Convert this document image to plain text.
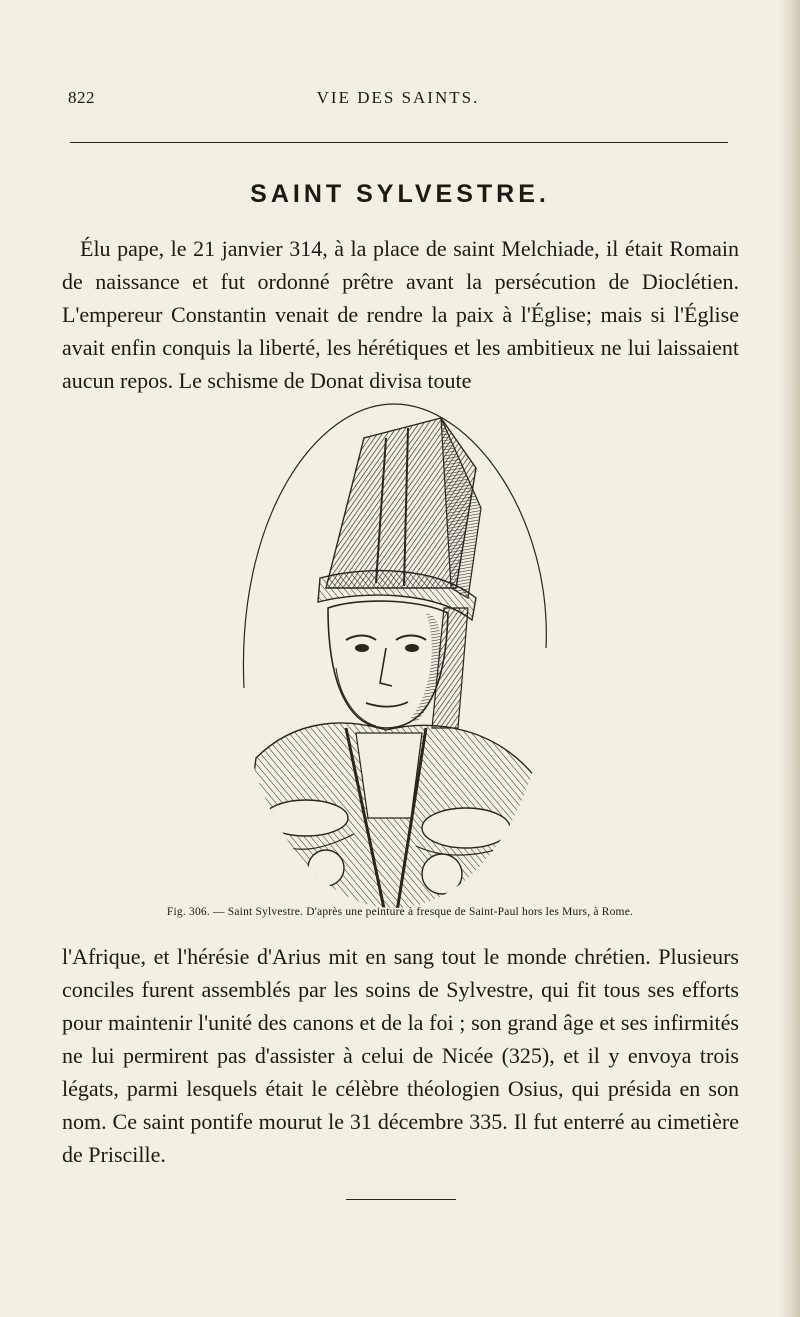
822	VIE DES SAINTS.
SAINT SYLVESTRE.

Élu pape, le 21 janvier 314, à la place de saint Melchiade, il était Romain de naissance et fut ordonné prêtre avant la persécution de Dioclétien. L'empereur Constantin venait de rendre la paix à l'Église; mais si l'Église avait enfin conquis la liberté, les hérétiques et les ambitieux ne lui laissaient aucun repos. Le schisme de Donat divisa toute

Fig. 306. — Saint Sylvestre. D'après une peinture à fresque de Saint-Paul hors les Murs, à Rome.

l'Afrique, et l'hérésie d'Arius mit en sang tout le monde chrétien. Plusieurs conciles furent assemblés par les soins de Sylvestre, qui fit tous ses efforts pour maintenir l'unité des canons et de la foi ; son grand âge et ses infirmités ne lui permirent pas d'assister à celui de Nicée (325), et il y envoya trois légats, parmi lesquels était le célèbre théologien Osius, qui présida en son nom. Ce saint pontife mourut le 31 décembre 335. Il fut enterré au cimetière de Priscille.
